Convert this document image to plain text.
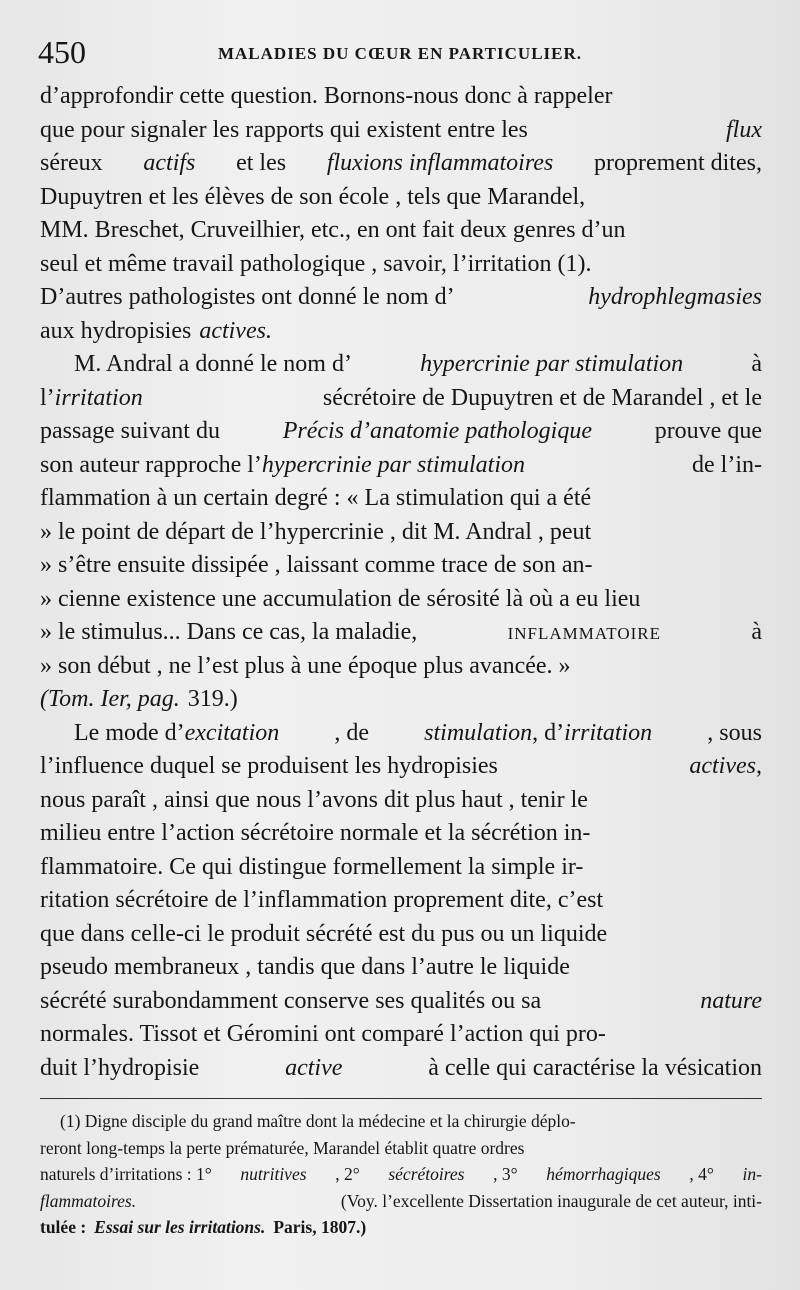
450	MALADIES DU CŒUR EN PARTICULIER.
d’approfondir cette question. Bornons-nous donc à rappeler
que pour signaler les rapports qui existent entre les	flux
séreux actifs et les fluxions inflammatoires proprement dites,
Dupuytren et les élèves de son école , tels que Marandel,
MM. Breschet, Cruveilhier, etc., en ont fait deux genres d’un
seul et même travail pathologique , savoir, l’irritation (1).
D’autres pathologistes ont donné le nom d’	hydrophlegmasies
aux hydropisies actives.
M. Andral a donné le nom d’	hypercrinie par stimulation	à
l’irritation	sécrétoire de Dupuytren et de Marandel , et le
passage suivant du	Précis d’anatomie pathologique	prouve que
son auteur rapproche l’hypercrinie par stimulation	de l’in-
flammation à un certain degré : « La stimulation qui a été
» le point de départ de l’hypercrinie , dit M. Andral , peut
» s’être ensuite dissipée , laissant comme trace de son an-
» cienne existence une accumulation de sérosité là où a eu lieu
» le stimulus... Dans ce cas, la maladie,	inflammatoire	à
» son début , ne l’est plus à une époque plus avancée. »
(Tom. Ier, pag. 319.)
Le mode d’excitation , de stimulation, d’irritation , sous
l’influence duquel se produisent les hydropisies	actives,
nous paraît , ainsi que nous l’avons dit plus haut , tenir le
milieu entre l’action sécrétoire normale et la sécrétion in-
flammatoire. Ce qui distingue formellement la simple ir-
ritation sécrétoire de l’inflammation proprement dite, c’est
que dans celle-ci le produit sécrété est du pus ou un liquide
pseudo membraneux , tandis que dans l’autre le liquide
sécrété surabondamment conserve ses qualités ou sa	nature
normales. Tissot et Géromini ont comparé l’action qui pro-
duit l’hydropisie	active	à celle qui caractérise la vésication
(1) Digne disciple du grand maître dont la médecine et la chirurgie déplo-
reront long-temps la perte prématurée, Marandel établit quatre ordres
naturels d’irritations : 1° nutritives , 2° sécrétoires , 3° hémorrhagiques , 4° in-
flammatoires.	(Voy. l’excellente Dissertation inaugurale de cet auteur, inti-
tulée : Essai sur les irritations. Paris, 1807.)
